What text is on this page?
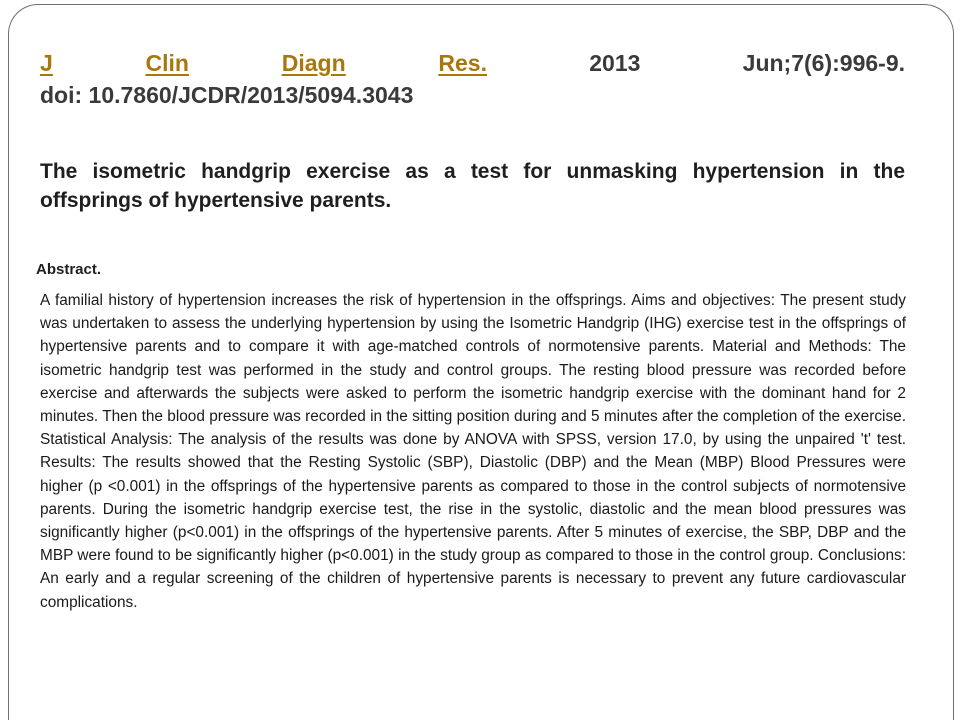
J	Clin	Diagn	Res.	2013	Jun;7(6):996-9.
doi: 10.7860/JCDR/2013/5094.3043
The isometric handgrip exercise as a test for unmasking hypertension in the offsprings of hypertensive parents.
Abstract.
A familial history of hypertension increases the risk of hypertension in the offsprings. Aims and objectives: The present study was undertaken to assess the underlying hypertension by using the Isometric Handgrip (IHG) exercise test in the offsprings of hypertensive parents and to compare it with age-matched controls of normotensive parents. Material and Methods: The isometric handgrip test was performed in the study and control groups. The resting blood pressure was recorded before exercise and afterwards the subjects were asked to perform the isometric handgrip exercise with the dominant hand for 2 minutes. Then the blood pressure was recorded in the sitting position during and 5 minutes after the completion of the exercise. Statistical Analysis: The analysis of the results was done by ANOVA with SPSS, version 17.0, by using the unpaired 't' test. Results: The results showed that the Resting Systolic (SBP), Diastolic (DBP) and the Mean (MBP) Blood Pressures were higher (p <0.001) in the offsprings of the hypertensive parents as compared to those in the control subjects of normotensive parents. During the isometric handgrip exercise test, the rise in the systolic, diastolic and the mean blood pressures was significantly higher (p<0.001) in the offsprings of the hypertensive parents. After 5 minutes of exercise, the SBP, DBP and the MBP were found to be significantly higher (p<0.001) in the study group as compared to those in the control group. Conclusions: An early and a regular screening of the children of hypertensive parents is necessary to prevent any future cardiovascular complications.
